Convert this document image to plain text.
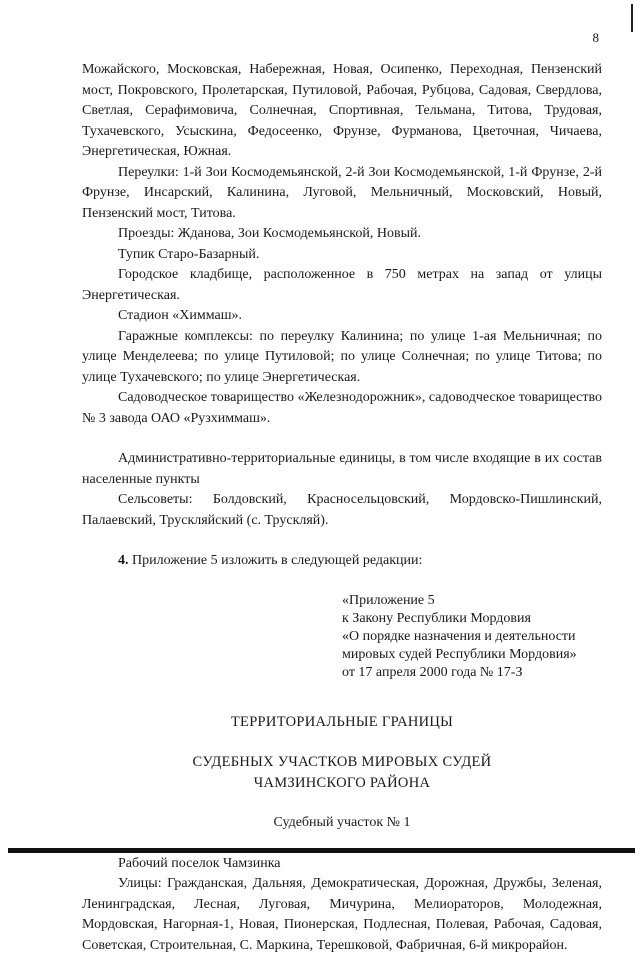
8

Можайского, Московская, Набережная, Новая, Осипенко, Переходная, Пензенский мост, Покровского, Пролетарская, Путиловой, Рабочая, Рубцова, Садовая, Свердлова, Светлая, Серафимовича, Солнечная, Спортивная, Тельмана, Титова, Трудовая, Тухачевского, Усыскина, Федосеенко, Фрунзе, Фурманова, Цветочная, Чичаева, Энергетическая, Южная.

Переулки: 1-й Зои Космодемьянской, 2-й Зои Космодемьянской, 1-й Фрунзе, 2-й Фрунзе, Инсарский, Калинина, Луговой, Мельничный, Московский, Новый, Пензенский мост, Титова.

Проезды: Жданова, Зои Космодемьянской, Новый.

Тупик Старо-Базарный.

Городское кладбище, расположенное в 750 метрах на запад от улицы Энергетическая.

Стадион «Химмаш».

Гаражные комплексы: по переулку Калинина; по улице 1-ая Мельничная; по улице Менделеева; по улице Путиловой; по улице Солнечная; по улице Титова; по улице Тухачевского; по улице Энергетическая.

Садоводческое товарищество «Железнодорожник», садоводческое товарищество № 3 завода ОАО «Рузхиммаш».

Административно-территориальные единицы, в том числе входящие в их состав населенные пункты

Сельсоветы: Болдовский, Красносельцовский, Мордовско-Пишлинский, Палаевский, Трускляйский (с. Трускляй).

4. Приложение 5 изложить в следующей редакции:

«Приложение 5
к Закону Республики Мордовия
«О порядке назначения и деятельности
мировых судей Республики Мордовия»
от 17 апреля 2000 года № 17-З

ТЕРРИТОРИАЛЬНЫЕ ГРАНИЦЫ

СУДЕБНЫХ УЧАСТКОВ МИРОВЫХ СУДЕЙ

ЧАМЗИНСКОГО РАЙОНА

Судебный участок № 1

Рабочий поселок Чамзинка

Улицы: Гражданская, Дальняя, Демократическая, Дорожная, Дружбы, Зеленая, Ленинградская, Лесная, Луговая, Мичурина, Мелиораторов, Молодежная, Мордовская, Нагорная-1, Новая, Пионерская, Подлесная, Полевая, Рабочая, Садовая, Советская, Строительная, С. Маркина, Терешковой, Фабричная, 6-й микрорайон.
